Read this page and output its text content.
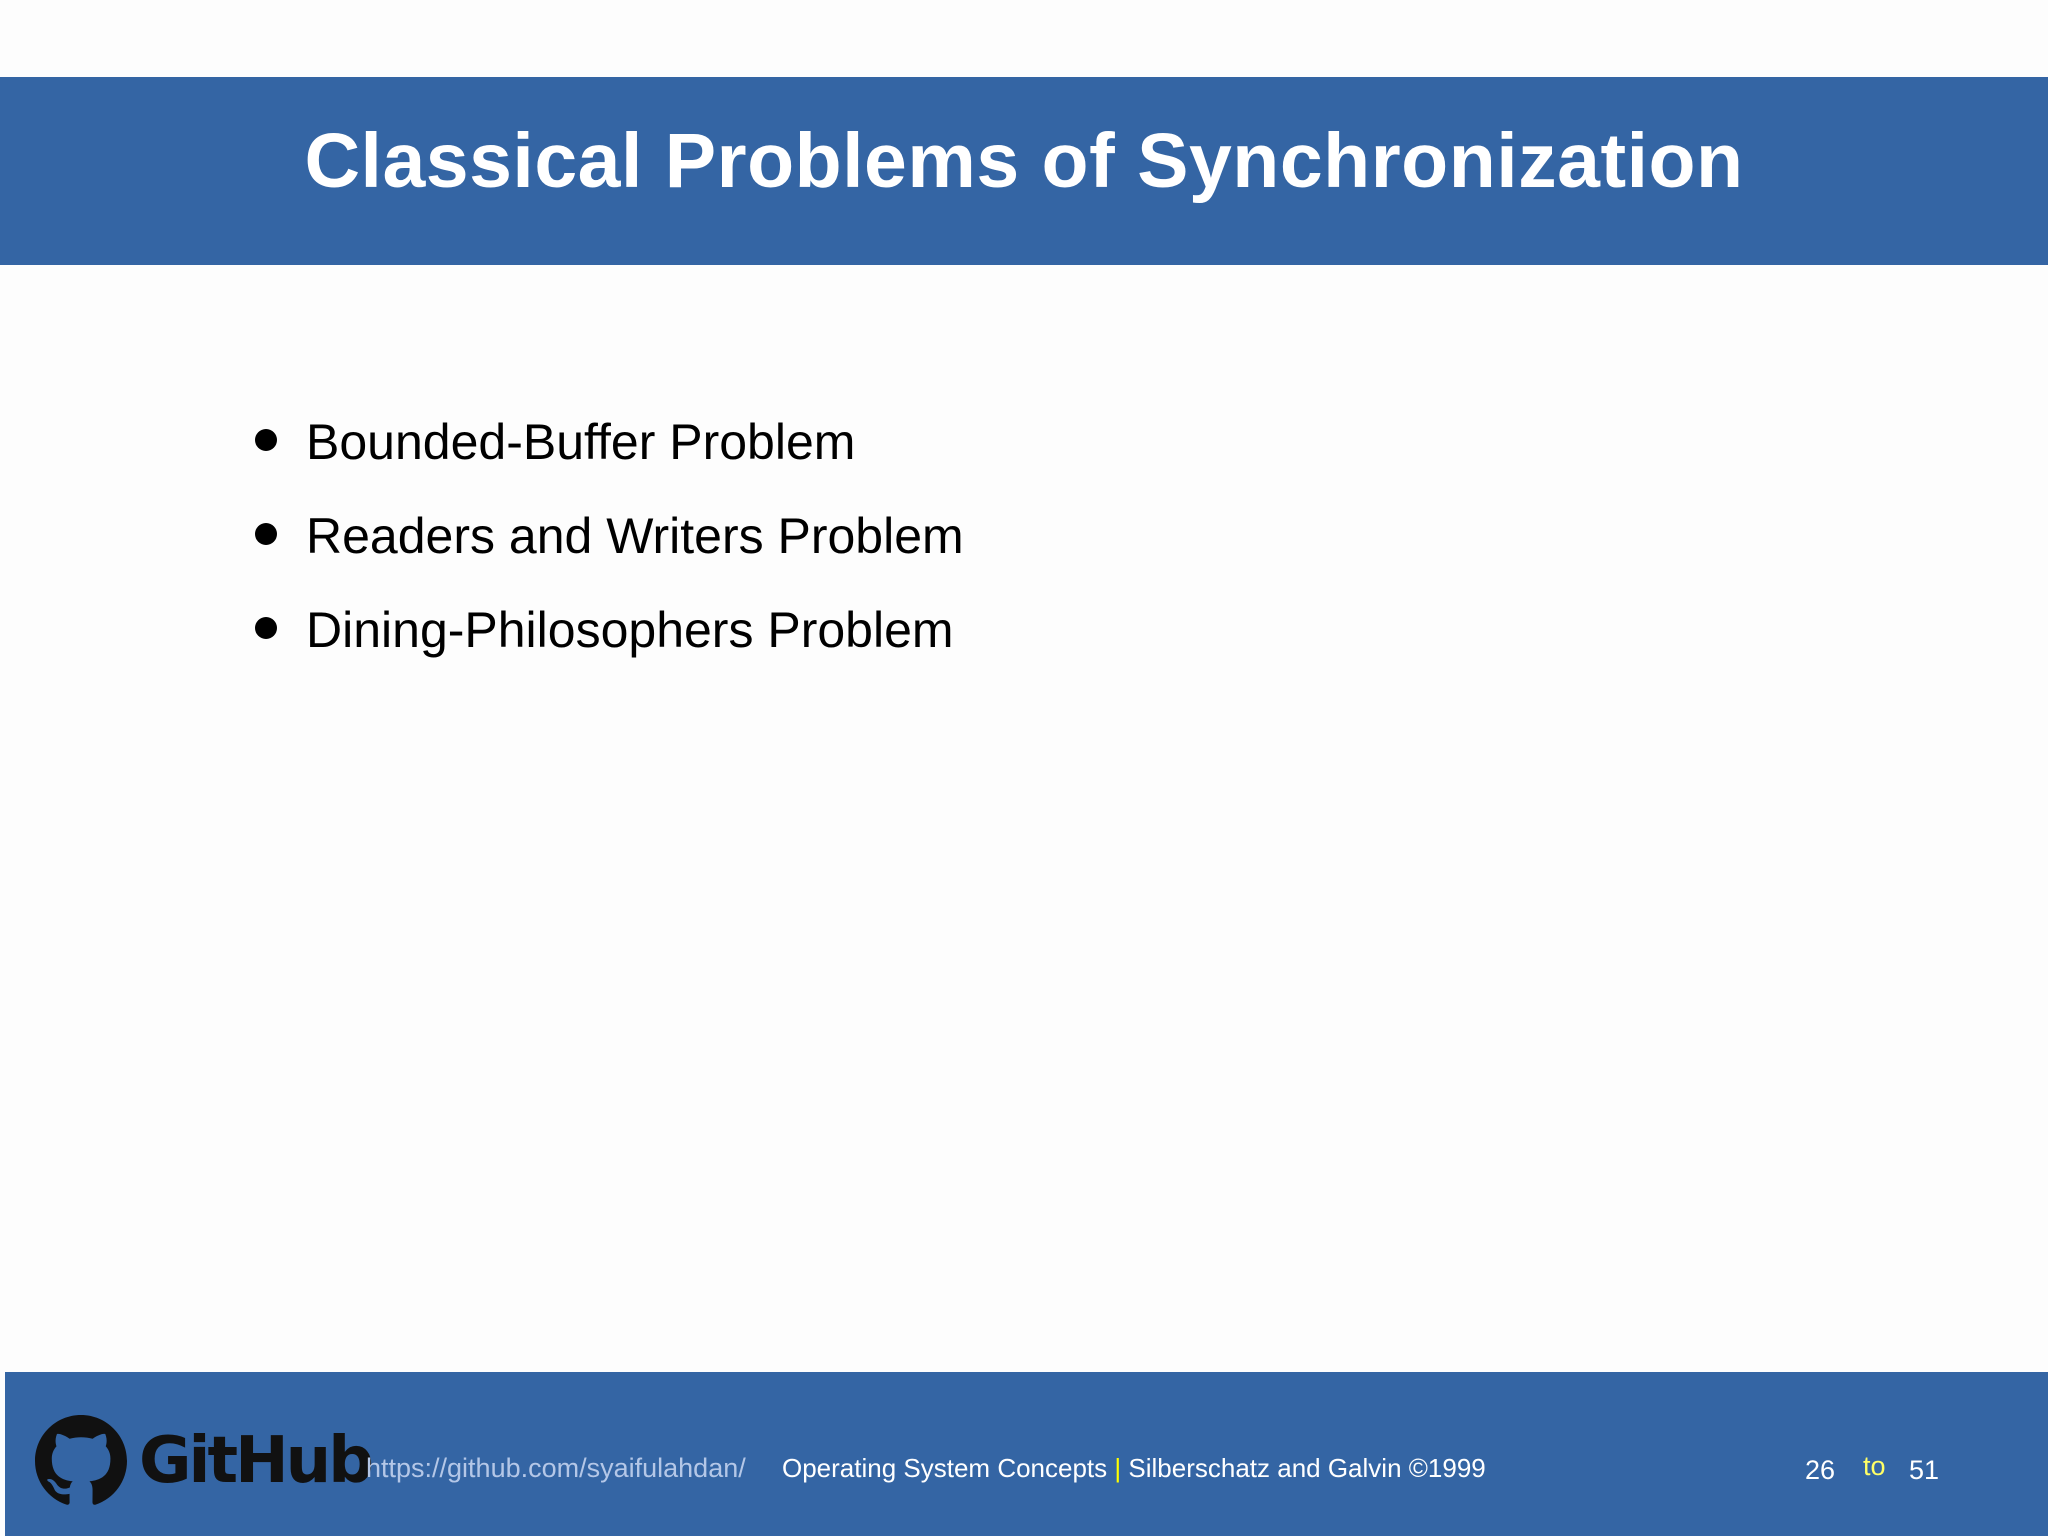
Classical Problems of Synchronization
Bounded-Buffer Problem
Readers and Writers Problem
Dining-Philosophers Problem
GitHub
https://github.com/syaifulahdan/ Operating System Concepts | Silberschatz and Galvin ©1999	26 to 51
